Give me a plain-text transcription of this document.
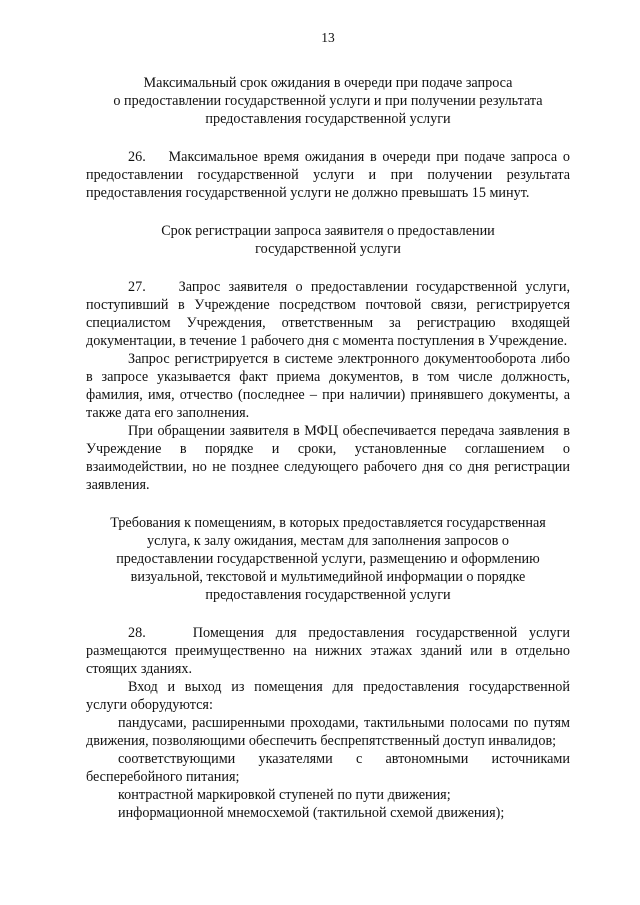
13
Максимальный срок ожидания в очереди при подаче запроса
о предоставлении государственной услуги и при получении результата
предоставления государственной услуги

26.    Максимальное время ожидания в очереди при подаче запроса о предоставлении государственной услуги и при получении результата предоставления государственной услуги не должно превышать 15 минут.

Срок регистрации запроса заявителя о предоставлении
государственной услуги

27.    Запрос заявителя о предоставлении государственной услуги, поступивший в Учреждение посредством почтовой связи, регистрируется специалистом Учреждения, ответственным за регистрацию входящей документации, в течение 1 рабочего дня с момента поступления в Учреждение.

Запрос регистрируется в системе электронного документооборота либо в запросе указывается факт приема документов, в том числе должность, фамилия, имя, отчество (последнее – при наличии) принявшего документы, а также дата его заполнения.

При обращении заявителя в МФЦ обеспечивается передача заявления в Учреждение в порядке и сроки, установленные соглашением о взаимодействии, но не позднее следующего рабочего дня со дня регистрации заявления.

Требования к помещениям, в которых предоставляется государственная
услуга, к залу ожидания, местам для заполнения запросов о
предоставлении государственной услуги, размещению и оформлению
визуальной, текстовой и мультимедийной информации о порядке
предоставления государственной услуги

28.    Помещения для предоставления государственной услуги размещаются преимущественно на нижних этажах зданий или в отдельно стоящих зданиях.

Вход и выход из помещения для предоставления государственной услуги оборудуются:

пандусами, расширенными проходами, тактильными полосами по путям движения, позволяющими обеспечить беспрепятственный доступ инвалидов;

соответствующими указателями с автономными источниками бесперебойного питания;

контрастной маркировкой ступеней по пути движения;

информационной мнемосхемой (тактильной схемой движения);
